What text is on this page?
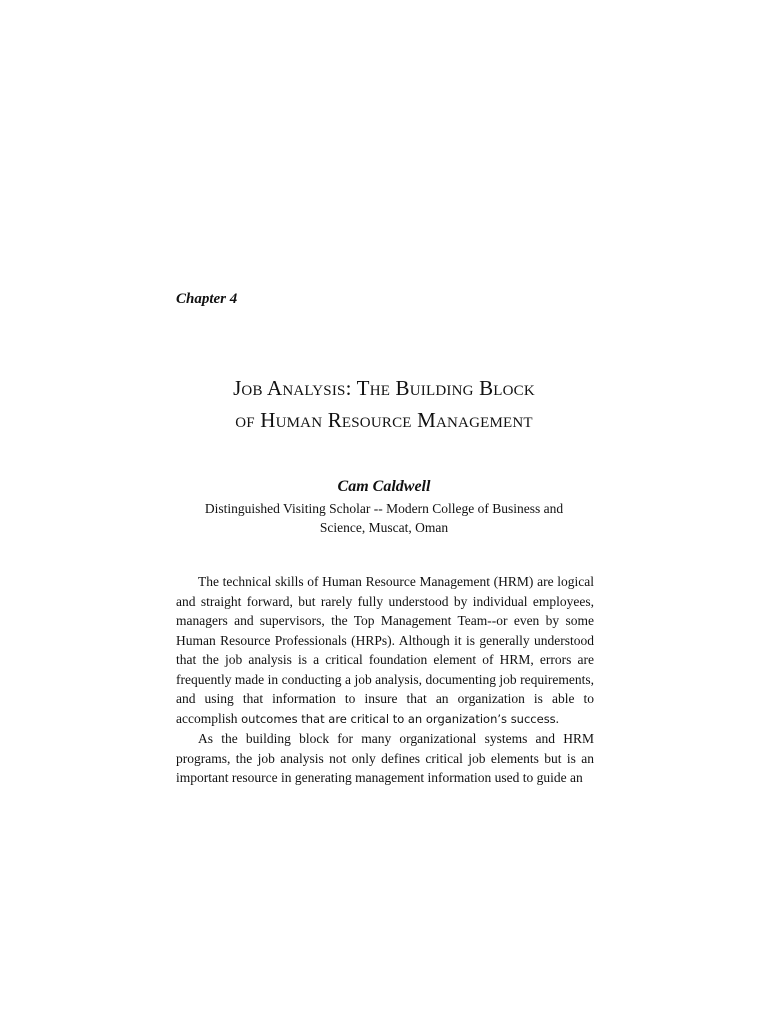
Chapter 4

Job Analysis: The Building Block
of Human Resource Management
Cam Caldwell
Distinguished Visiting Scholar -- Modern College of Business and
Science, Muscat, Oman

The technical skills of Human Resource Management (HRM) are logical and straight forward, but rarely fully understood by individual employees, managers and supervisors, the Top Management Team--or even by some Human Resource Professionals (HRPs). Although it is generally understood that the job analysis is a critical foundation element of HRM, errors are frequently made in conducting a job analysis, documenting job requirements, and using that information to insure that an organization is able to accomplish outcomes that are critical to an organization’s success.

As the building block for many organizational systems and HRM programs, the job analysis not only defines critical job elements but is an important resource in generating management information used to guide an
